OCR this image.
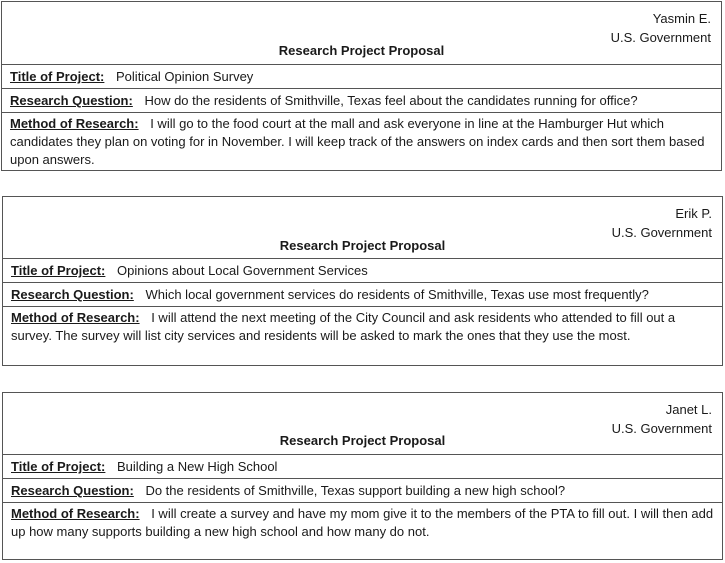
Yasmin E.
U.S. Government
Research Project Proposal
Title of Project: Political Opinion Survey
Research Question: How do the residents of Smithville, Texas feel about the candidates running for office?
Method of Research: I will go to the food court at the mall and ask everyone in line at the Hamburger Hut which candidates they plan on voting for in November. I will keep track of the answers on index cards and then sort them based upon answers.
Erik P.
U.S. Government
Research Project Proposal
Title of Project: Opinions about Local Government Services
Research Question: Which local government services do residents of Smithville, Texas use most frequently?
Method of Research: I will attend the next meeting of the City Council and ask residents who attended to fill out a survey. The survey will list city services and residents will be asked to mark the ones that they use the most.
Janet L.
U.S. Government
Research Project Proposal
Title of Project: Building a New High School
Research Question: Do the residents of Smithville, Texas support building a new high school?
Method of Research: I will create a survey and have my mom give it to the members of the PTA to fill out. I will then add up how many supports building a new high school and how many do not.
